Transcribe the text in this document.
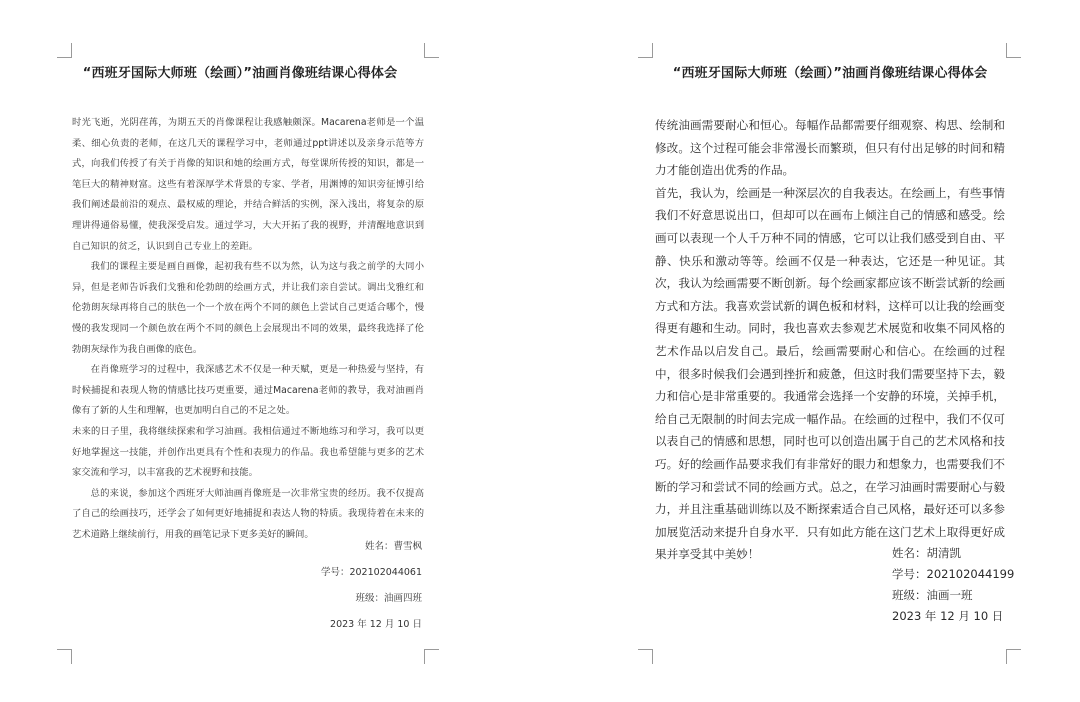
“西班牙国际大师班（绘画）”油画肖像班结课心得体会

时光飞逝，光阴荏苒，为期五天的肖像课程让我感触颇深。Macarena老师是一个温柔、细心负责的老师，在这几天的课程学习中，老师通过ppt讲述以及亲身示范等方式，向我们传授了有关于肖像的知识和她的绘画方式，每堂课所传授的知识，都是一笔巨大的精神财富。这些有着深厚学术背景的专家、学者，用渊博的知识旁征博引给我们阐述最前沿的观点、最权威的理论，并结合鲜活的实例，深入浅出，将复杂的原理讲得通俗易懂，使我深受启发。通过学习，大大开拓了我的视野，并清醒地意识到自己知识的贫乏，认识到自己专业上的差距。

我们的课程主要是画自画像，起初我有些不以为然，认为这与我之前学的大同小异，但是老师告诉我们戈雅和伦勃朗的绘画方式，并让我们亲自尝试。调出戈雅红和伦勃朗灰绿再将自己的肤色一个一个放在两个不同的颜色上尝试自己更适合哪个，慢慢的我发现同一个颜色放在两个不同的颜色上会展现出不同的效果，最终我选择了伦勃朗灰绿作为我自画像的底色。

在肖像班学习的过程中，我深感艺术不仅是一种天赋，更是一种热爱与坚持，有时候捕捉和表现人物的情感比技巧更重要，通过Macarena老师的教导，我对油画肖像有了新的人生和理解，也更加明白自己的不足之处。

未来的日子里，我将继续探索和学习油画。我相信通过不断地练习和学习，我可以更好地掌握这一技能，并创作出更具有个性和表现力的作品。我也希望能与更多的艺术家交流和学习，以丰富我的艺术视野和技能。

总的来说，参加这个西班牙大师油画肖像班是一次非常宝贵的经历。我不仅提高了自己的绘画技巧，还学会了如何更好地捕捉和表达人物的特质。我现待着在未来的艺术道路上继续前行，用我的画笔记录下更多美好的瞬间。

姓名：曹雪枫
学号：202102044061
班级：油画四班
2023 年 12 月 10 日
“西班牙国际大师班（绘画）”油画肖像班结课心得体会

传统油画需要耐心和恒心。每幅作品都需要仔细观察、构思、绘制和修改。这个过程可能会非常漫长而繁琐，但只有付出足够的时间和精力才能创造出优秀的作品。

首先，我认为，绘画是一种深层次的自我表达。在绘画上，有些事情我们不好意思说出口，但却可以在画布上倾注自己的情感和感受。绘画可以表现一个人千万种不同的情感，它可以让我们感受到自由、平静、快乐和激动等等。绘画不仅是一种表达，它还是一种见证。其次，我认为绘画需要不断创新。每个绘画家都应该不断尝试新的绘画方式和方法。我喜欢尝试新的调色板和材料，这样可以让我的绘画变得更有趣和生动。同时，我也喜欢去参观艺术展览和收集不同风格的艺术作品以启发自己。最后，绘画需要耐心和信心。在绘画的过程中，很多时候我们会遇到挫折和疲惫，但这时我们需要坚持下去，毅力和信心是非常重要的。我通常会选择一个安静的环境，关掉手机，给自己无限制的时间去完成一幅作品。在绘画的过程中，我们不仅可以表自己的情感和思想，同时也可以创造出属于自己的艺术风格和技巧。好的绘画作品要求我们有非常好的眼力和想象力，也需要我们不断的学习和尝试不同的绘画方式。总之，在学习油画时需要耐心与毅力，并且注重基础训练以及不断探索适合自己风格，最好还可以多参加展览活动来提升自身水平．只有如此方能在这门艺术上取得更好成果并享受其中美妙！	姓名：胡清凯
学号：202102044199
班级：油画一班
2023 年 12 月 10 日
